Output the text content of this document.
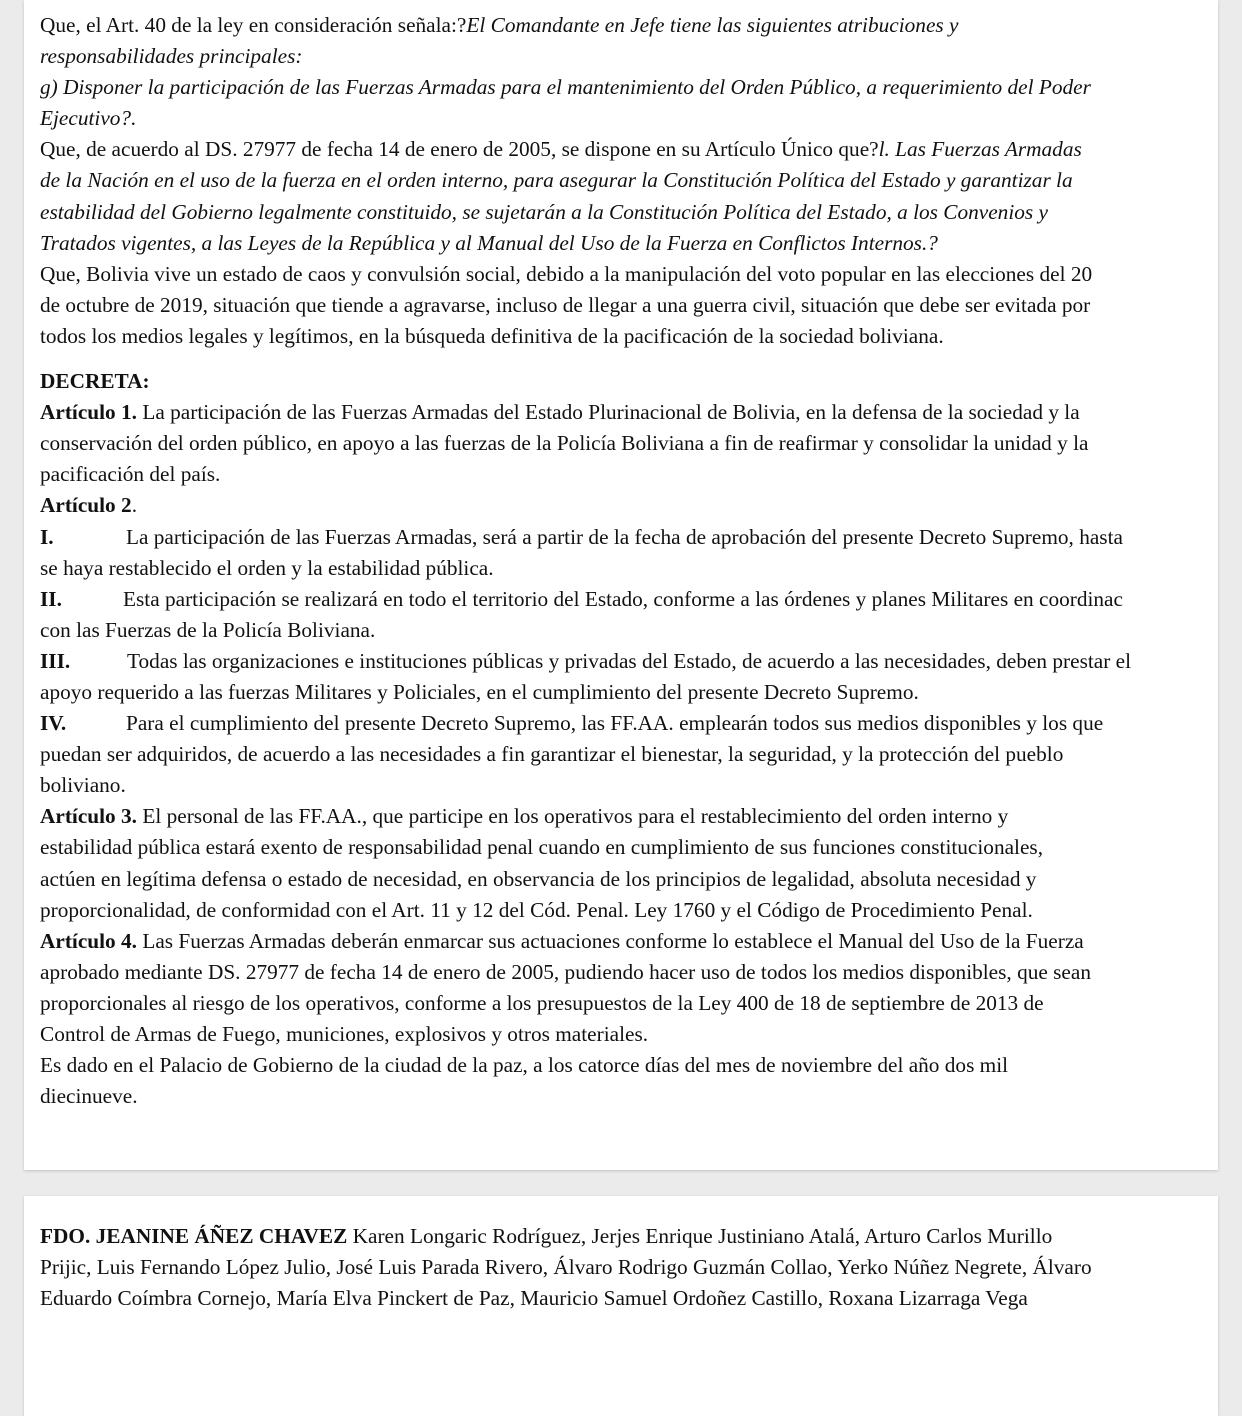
Que, el Art. 40 de la ley en consideración señala:?El Comandante en Jefe tiene las siguientes atribuciones y
responsabilidades principales:
g) Disponer la participación de las Fuerzas Armadas para el mantenimiento del Orden Público, a requerimiento del Poder
Ejecutivo?.
Que, de acuerdo al DS. 27977 de fecha 14 de enero de 2005, se dispone en su Artículo Único que?l. Las Fuerzas Armadas
de la Nación en el uso de la fuerza en el orden interno, para asegurar la Constitución Política del Estado y garantizar la
estabilidad del Gobierno legalmente constituido, se sujetarán a la Constitución Política del Estado, a los Convenios y
Tratados vigentes, a las Leyes de la República y al Manual del Uso de la Fuerza en Conflictos Internos.?
Que, Bolivia vive un estado de caos y convulsión social, debido a la manipulación del voto popular en las elecciones del 20
de octubre de 2019, situación que tiende a agravarse, incluso de llegar a una guerra civil, situación que debe ser evitada por
todos los medios legales y legítimos, en la búsqueda definitiva de la pacificación de la sociedad boliviana.
DECRETA:
Artículo 1. La participación de las Fuerzas Armadas del Estado Plurinacional de Bolivia, en la defensa de la sociedad y la
conservación del orden público, en apoyo a las fuerzas de la Policía Boliviana a fin de reafirmar y consolidar la unidad y la
pacificación del país.
Artículo 2.
I.	La participación de las Fuerzas Armadas, será a partir de la fecha de aprobación del presente Decreto Supremo, hasta
se haya restablecido el orden y la estabilidad pública.
II.	Esta participación se realizará en todo el territorio del Estado, conforme a las órdenes y planes Militares en coordinac
con las Fuerzas de la Policía Boliviana.
III.	Todas las organizaciones e instituciones públicas y privadas del Estado, de acuerdo a las necesidades, deben prestar el
apoyo requerido a las fuerzas Militares y Policiales, en el cumplimiento del presente Decreto Supremo.
IV.	Para el cumplimiento del presente Decreto Supremo, las FF.AA. emplearán todos sus medios disponibles y los que
puedan ser adquiridos, de acuerdo a las necesidades a fin garantizar el bienestar, la seguridad, y la protección del pueblo
boliviano.
Artículo 3. El personal de las FF.AA., que participe en los operativos para el restablecimiento del orden interno y
estabilidad pública estará exento de responsabilidad penal cuando en cumplimiento de sus funciones constitucionales,
actúen en legítima defensa o estado de necesidad, en observancia de los principios de legalidad, absoluta necesidad y
proporcionalidad, de conformidad con el Art. 11 y 12 del Cód. Penal. Ley 1760 y el Código de Procedimiento Penal.
Artículo 4. Las Fuerzas Armadas deberán enmarcar sus actuaciones conforme lo establece el Manual del Uso de la Fuerza
aprobado mediante DS. 27977 de fecha 14 de enero de 2005, pudiendo hacer uso de todos los medios disponibles, que sean
proporcionales al riesgo de los operativos, conforme a los presupuestos de la Ley 400 de 18 de septiembre de 2013 de
Control de Armas de Fuego, municiones, explosivos y otros materiales.
Es dado en el Palacio de Gobierno de la ciudad de la paz, a los catorce días del mes de noviembre del año dos mil
diecinueve.
FDO. JEANINE ÁÑEZ CHAVEZ Karen Longaric Rodríguez, Jerjes Enrique Justiniano Atalá, Arturo Carlos Murillo
Prijic, Luis Fernando López Julio, José Luis Parada Rivero, Álvaro Rodrigo Guzmán Collao, Yerko Núñez Negrete, Álvaro
Eduardo Coímbra Cornejo, María Elva Pinckert de Paz, Mauricio Samuel Ordoñez Castillo, Roxana Lizarraga Vega
